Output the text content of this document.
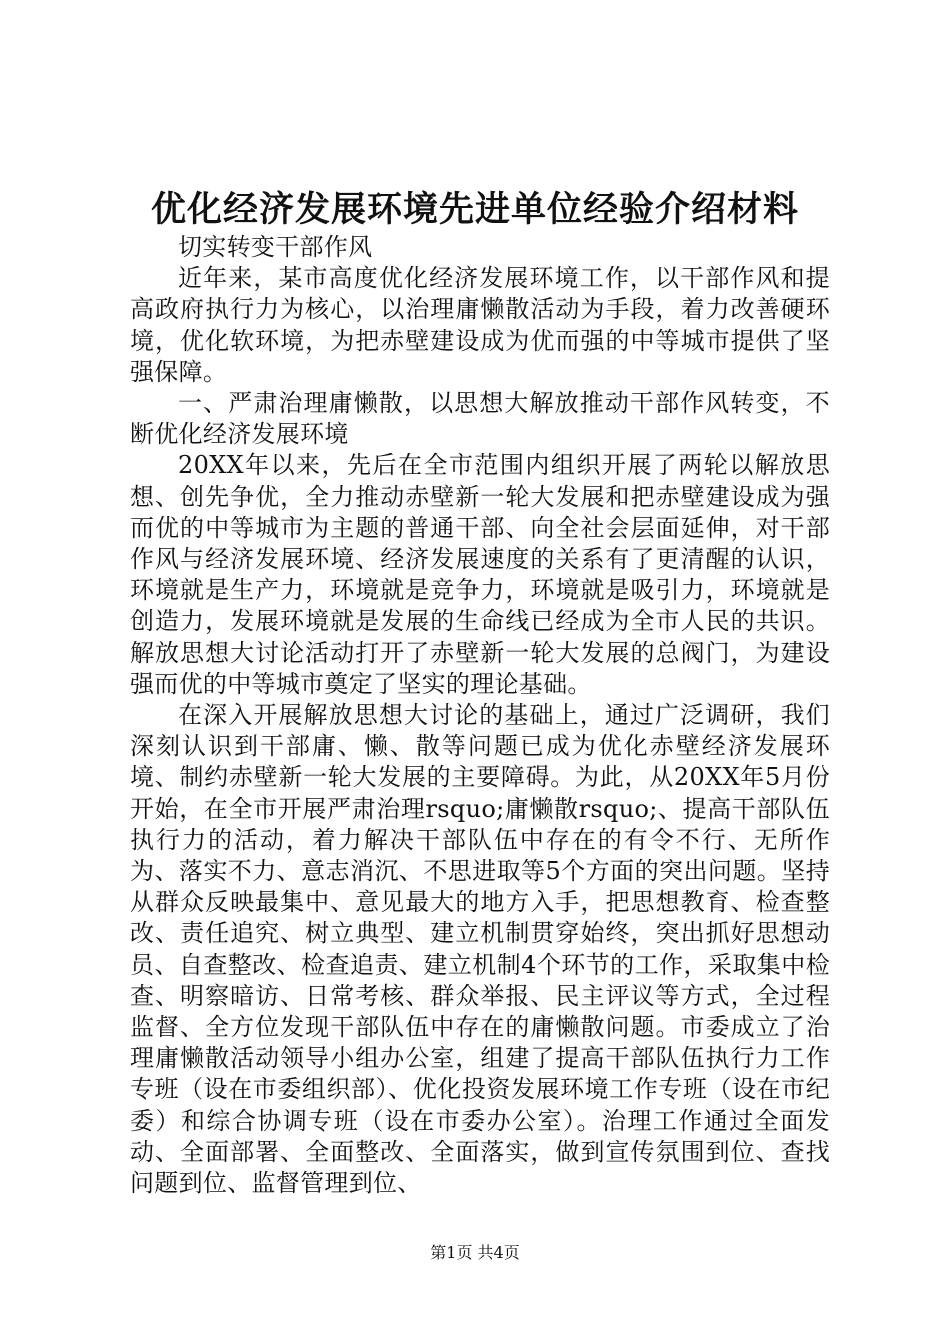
优化经济发展环境先进单位经验介绍材料

切实转变干部作风

近年来，某市高度优化经济发展环境工作，以干部作风和提高政府执行力为核心，以治理庸懒散活动为手段，着力改善硬环境，优化软环境，为把赤壁建设成为优而强的中等城市提供了坚强保障。

一、严肃治理庸懒散，以思想大解放推动干部作风转变，不断优化经济发展环境

20XX年以来，先后在全市范围内组织开展了两轮以解放思想、创先争优，全力推动赤壁新一轮大发展和把赤壁建设成为强而优的中等城市为主题的普通干部、向全社会层面延伸，对干部作风与经济发展环境、经济发展速度的关系有了更清醒的认识，环境就是生产力，环境就是竞争力，环境就是吸引力，环境就是创造力，发展环境就是发展的生命线已经成为全市人民的共识。解放思想大讨论活动打开了赤壁新一轮大发展的总阀门，为建设强而优的中等城市奠定了坚实的理论基础。

在深入开展解放思想大讨论的基础上，通过广泛调研，我们深刻认识到干部庸、懒、散等问题已成为优化赤壁经济发展环境、制约赤壁新一轮大发展的主要障碍。为此，从20XX年5月份开始，在全市开展严肃治理rsquo;庸懒散rsquo;、提高干部队伍执行力的活动，着力解决干部队伍中存在的有令不行、无所作为、落实不力、意志消沉、不思进取等5个方面的突出问题。坚持从群众反映最集中、意见最大的地方入手，把思想教育、检查整改、责任追究、树立典型、建立机制贯穿始终，突出抓好思想动员、自查整改、检查追责、建立机制4个环节的工作，采取集中检查、明察暗访、日常考核、群众举报、民主评议等方式，全过程监督、全方位发现干部队伍中存在的庸懒散问题。市委成立了治理庸懒散活动领导小组办公室，组建了提高干部队伍执行力工作专班（设在市委组织部）、优化投资发展环境工作专班（设在市纪委）和综合协调专班（设在市委办公室）。治理工作通过全面发动、全面部署、全面整改、全面落实，做到宣传氛围到位、查找问题到位、监督管理到位、

第1页 共4页
